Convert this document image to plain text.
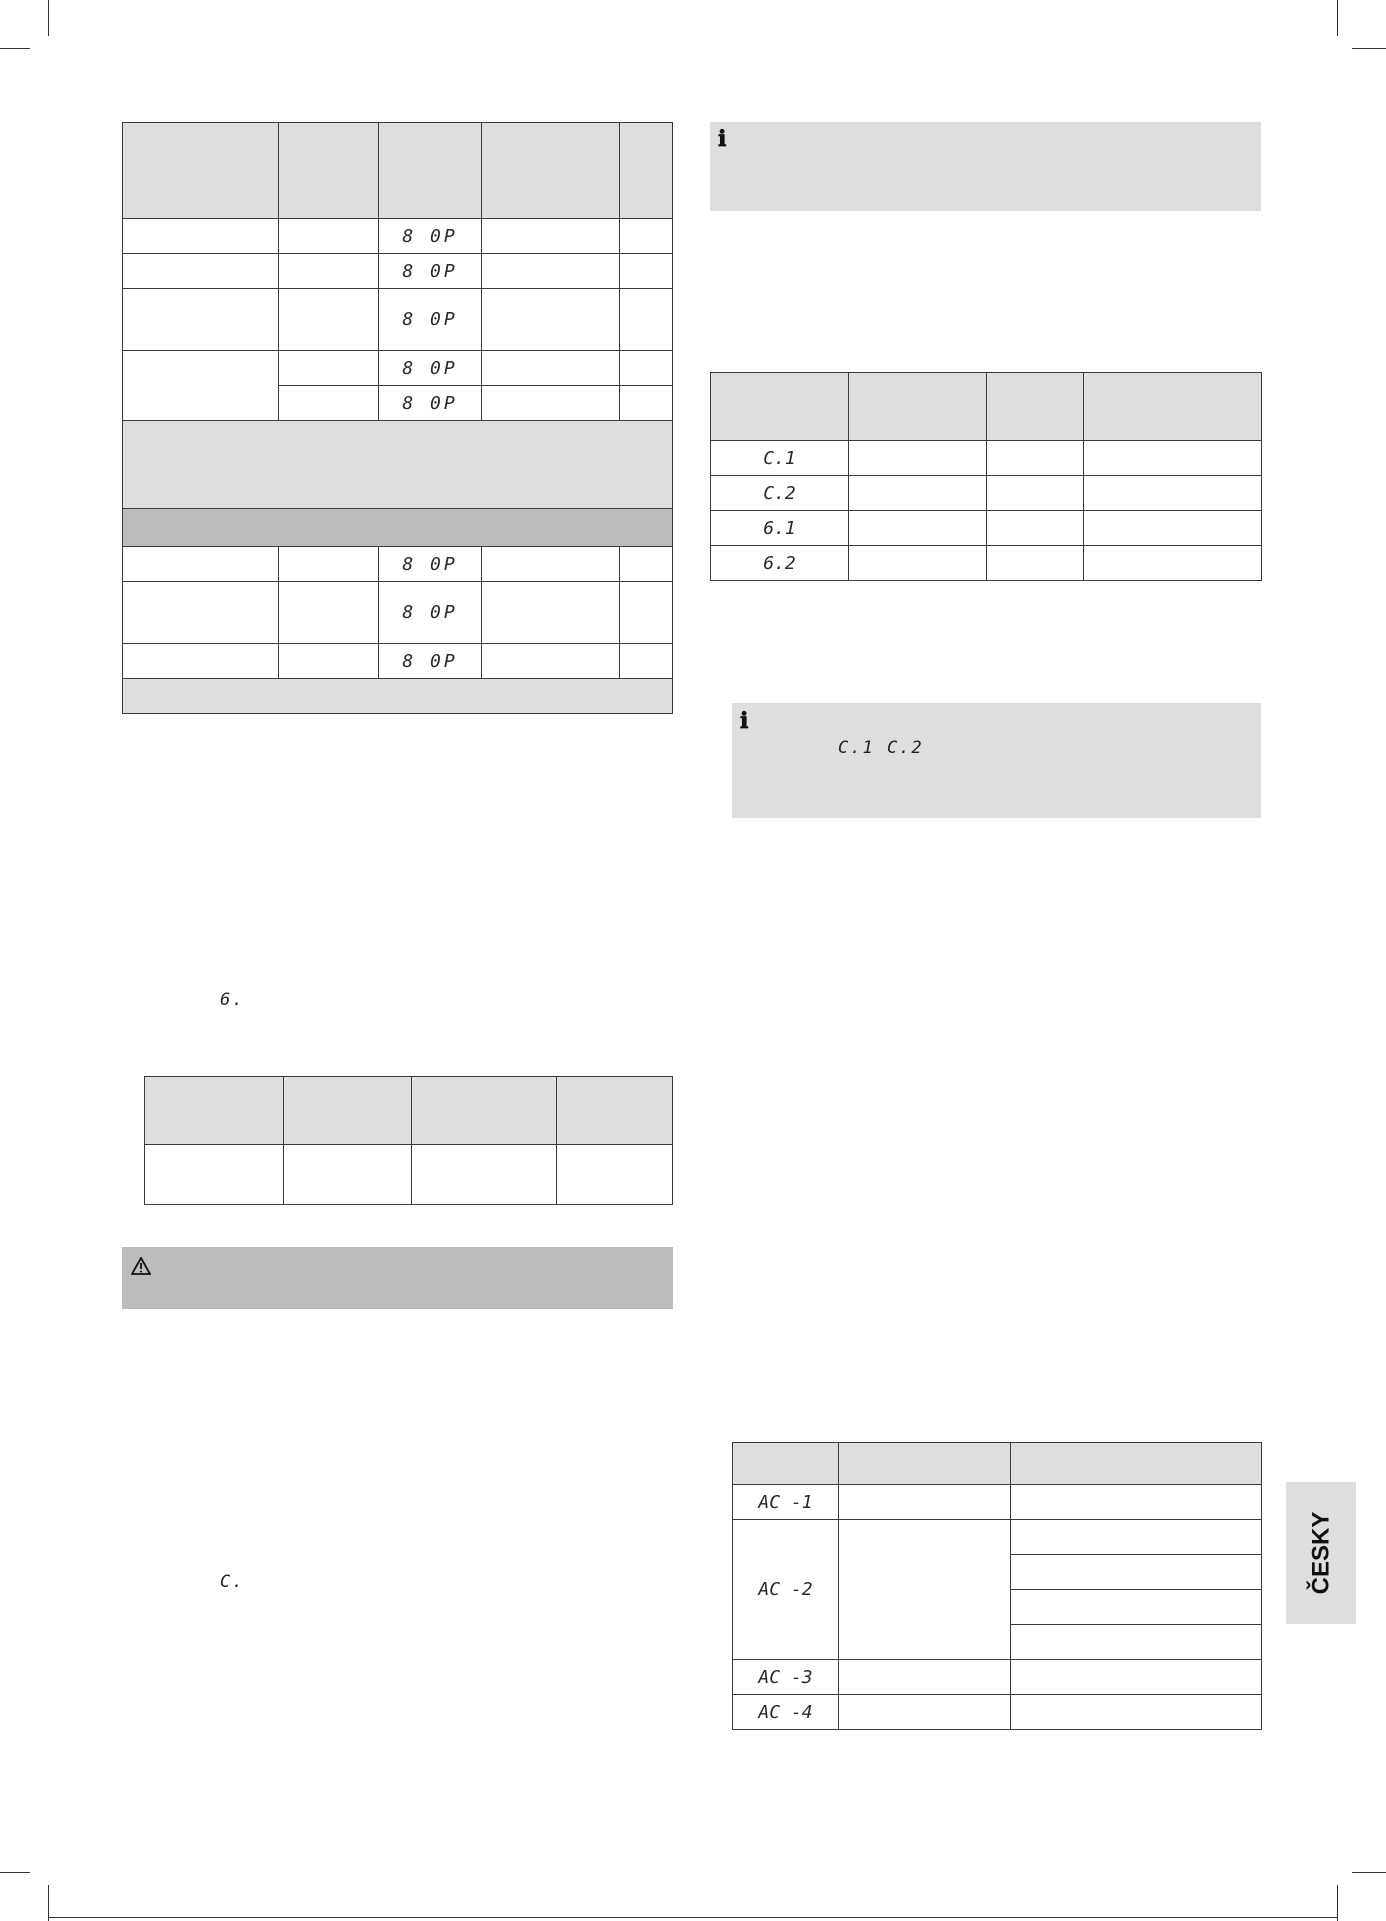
		8 0P		
		8 0P		
		8 0P		
		8 0P		
		8 0P		

		8 0P		
		8 0P		
		8 0P		

6.

C.
ℹ

C.1			
C.2			
6.1			
6.2			
ℹ
C.1 C.2

AC -1		
AC -2		

AC -3		
AC -4		
ČESKY
